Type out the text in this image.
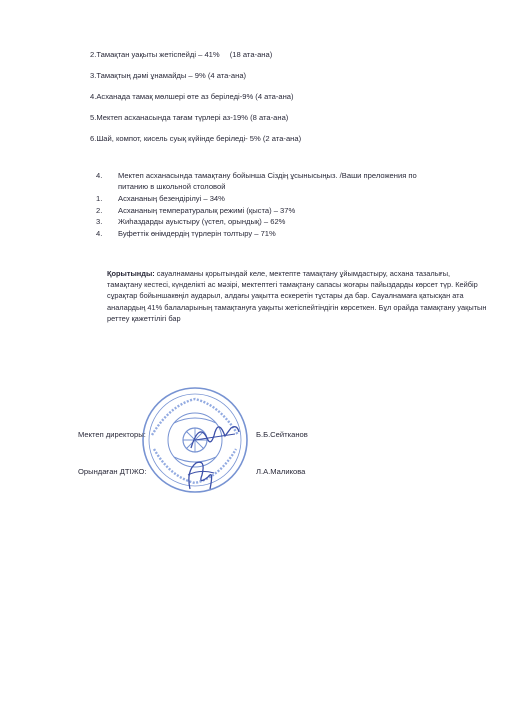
2.Тамақтан уақыты жетіспейді – 41% (18 ата-ана)
3.Тамақтың дәмі ұнамайды – 9% (4 ата-ана)
4.Асханада тамақ мөлшері өте аз беріледі-9% (4 ата-ана)
5.Мектеп асханасында тағам түрлері аз-19% (8 ата-ана)
6.Шай, компот, кисель суық күйінде беріледі- 5% (2 ата-ана)
4. Мектеп асханасында тамақтану бойынша Сіздің ұсыныcыңыз. /Ваши преложения по
питанию в школьной столовой
1. Асхананың безендірілуі – 34%
2. Асхананың температуралық режимі (қыста) – 37%
3. Жиhаздарды ауыстыру (үстел, орындық) – 62%
4. Буфеттік өнімдердің түрлерін толтыру – 71%
Қорытынды: сауалнаманы қорытындай келе, мектепте тамақтану ұйымдастыру, асхана тазалығы, тамақтану кестесі, күнделікті ас мәзірі, мектептегі тамақтану сапасы жоғары пайыздарды көрсет түр. Кейбір сұрақтар бойыншакөңіл аударыл, алдағы уақытта ескеретін тұстары да бар. Сауалнамаға қатысқан ата аналардың 41% балаларының тамақтануға уақыты жетіспейтіндігін көрсеткен. Бұл орайда тамақтану уақытын реттеу қажеттілігі бар
Мектеп директоры:	Б.Б.Сейтканов
Орындаған ДТІЖО:	Л.А.Маликова
